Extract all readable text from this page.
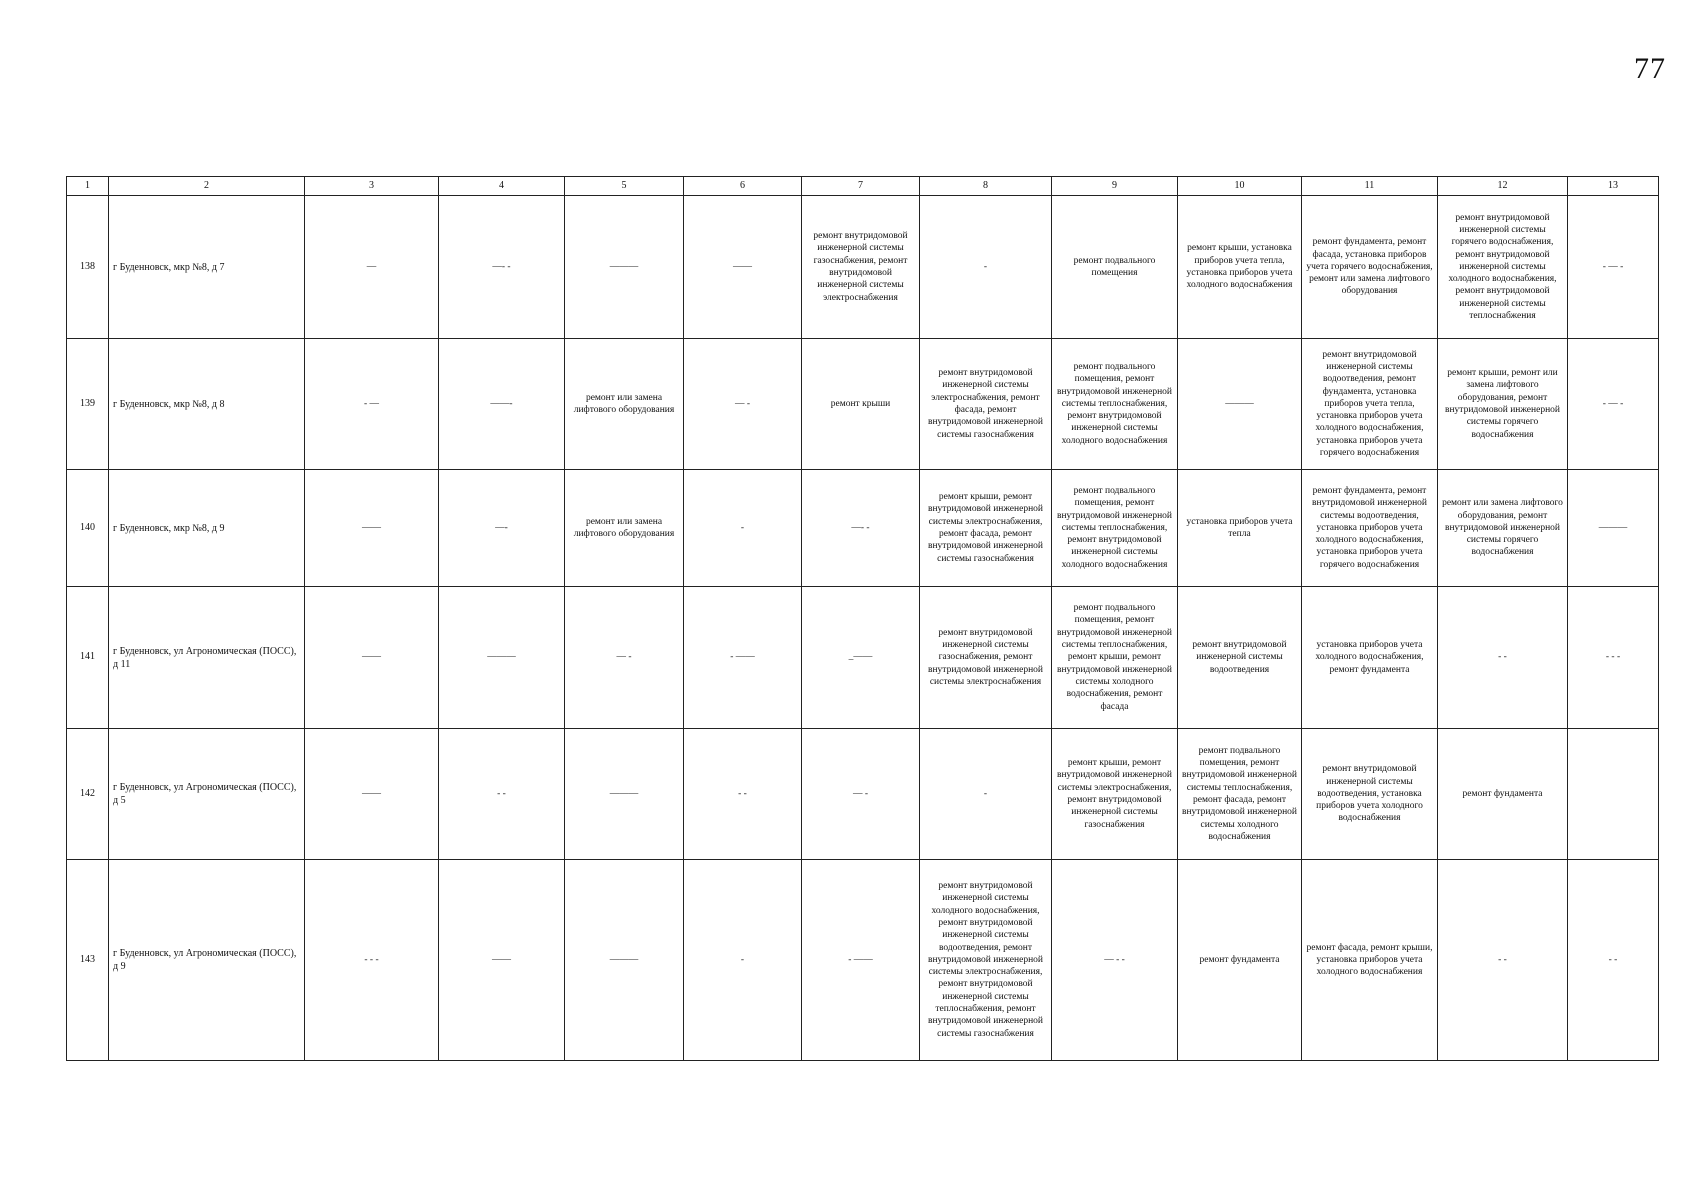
77
1	2	3	4	5	6	7	8	9	10	11	12	13
138	г Буденновск, мкр №8, д 7	—	—- -	———	——	ремонт внутридомовой инженерной системы газоснабжения, ремонт внутридомовой инженерной системы электроснабжения	-	ремонт подвального помещения	ремонт крыши, установка приборов учета тепла, установка приборов учета холодного водоснабжения	ремонт фундамента, ремонт фасада, установка приборов учета горячего водоснабжения, ремонт или замена лифтового оборудования	ремонт внутридомовой инженерной системы горячего водоснабжения, ремонт внутридомовой инженерной системы холодного водоснабжения, ремонт внутридомовой инженерной системы теплоснабжения	- — -
139	г Буденновск, мкр №8, д 8	- —	——-	ремонт или замена лифтового оборудования	— -	ремонт крыши	ремонт внутридомовой инженерной системы электроснабжения, ремонт фасада, ремонт внутридомовой инженерной системы газоснабжения	ремонт подвального помещения, ремонт внутридомовой инженерной системы теплоснабжения, ремонт внутридомовой инженерной системы холодного водоснабжения	———	ремонт внутридомовой инженерной системы водоотведения, ремонт фундамента, установка приборов учета тепла, установка приборов учета холодного водоснабжения, установка приборов учета горячего водоснабжения	ремонт крыши, ремонт или замена лифтового оборудования, ремонт внутридомовой инженерной системы горячего водоснабжения	- — -
140	г Буденновск, мкр №8, д 9	——	—-	ремонт или замена лифтового оборудования	-	—- -	ремонт крыши, ремонт внутридомовой инженерной системы электроснабжения, ремонт фасада, ремонт внутридомовой инженерной системы газоснабжения	ремонт подвального помещения, ремонт внутридомовой инженерной системы теплоснабжения, ремонт внутридомовой инженерной системы холодного водоснабжения	установка приборов учета тепла	ремонт фундамента, ремонт внутридомовой инженерной системы водоотведения, установка приборов учета холодного водоснабжения, установка приборов учета горячего водоснабжения	ремонт или замена лифтового оборудования, ремонт внутридомовой инженерной системы горячего водоснабжения	———
141	г Буденновск, ул Агрономическая (ПОСС), д 11	——	———	— -	- ——	_——	ремонт внутридомовой инженерной системы газоснабжения, ремонт внутридомовой инженерной системы электроснабжения	ремонт подвального помещения, ремонт внутридомовой инженерной системы теплоснабжения, ремонт крыши, ремонт внутридомовой инженерной системы холодного водоснабжения, ремонт фасада	ремонт внутридомовой инженерной системы водоотведения	установка приборов учета холодного водоснабжения, ремонт фундамента	- -	- - -
142	г Буденновск, ул Агрономическая (ПОСС), д 5	——	- -	———	- -	— -	-	ремонт крыши, ремонт внутридомовой инженерной системы электроснабжения, ремонт внутридомовой инженерной системы газоснабжения	ремонт подвального помещения, ремонт внутридомовой инженерной системы теплоснабжения, ремонт фасада, ремонт внутридомовой инженерной системы холодного водоснабжения	ремонт внутридомовой инженерной системы водоотведения, установка приборов учета холодного водоснабжения	ремонт фундамента	
143	г Буденновск, ул Агрономическая (ПОСС), д 9	- - -	——	———	-	- ——	ремонт внутридомовой инженерной системы холодного водоснабжения, ремонт внутридомовой инженерной системы водоотведения, ремонт внутридомовой инженерной системы электроснабжения, ремонт внутридомовой инженерной системы теплоснабжения, ремонт внутридомовой инженерной системы газоснабжения	— - -	ремонт фундамента	ремонт фасада, ремонт крыши, установка приборов учета холодного водоснабжения	- -	- -
